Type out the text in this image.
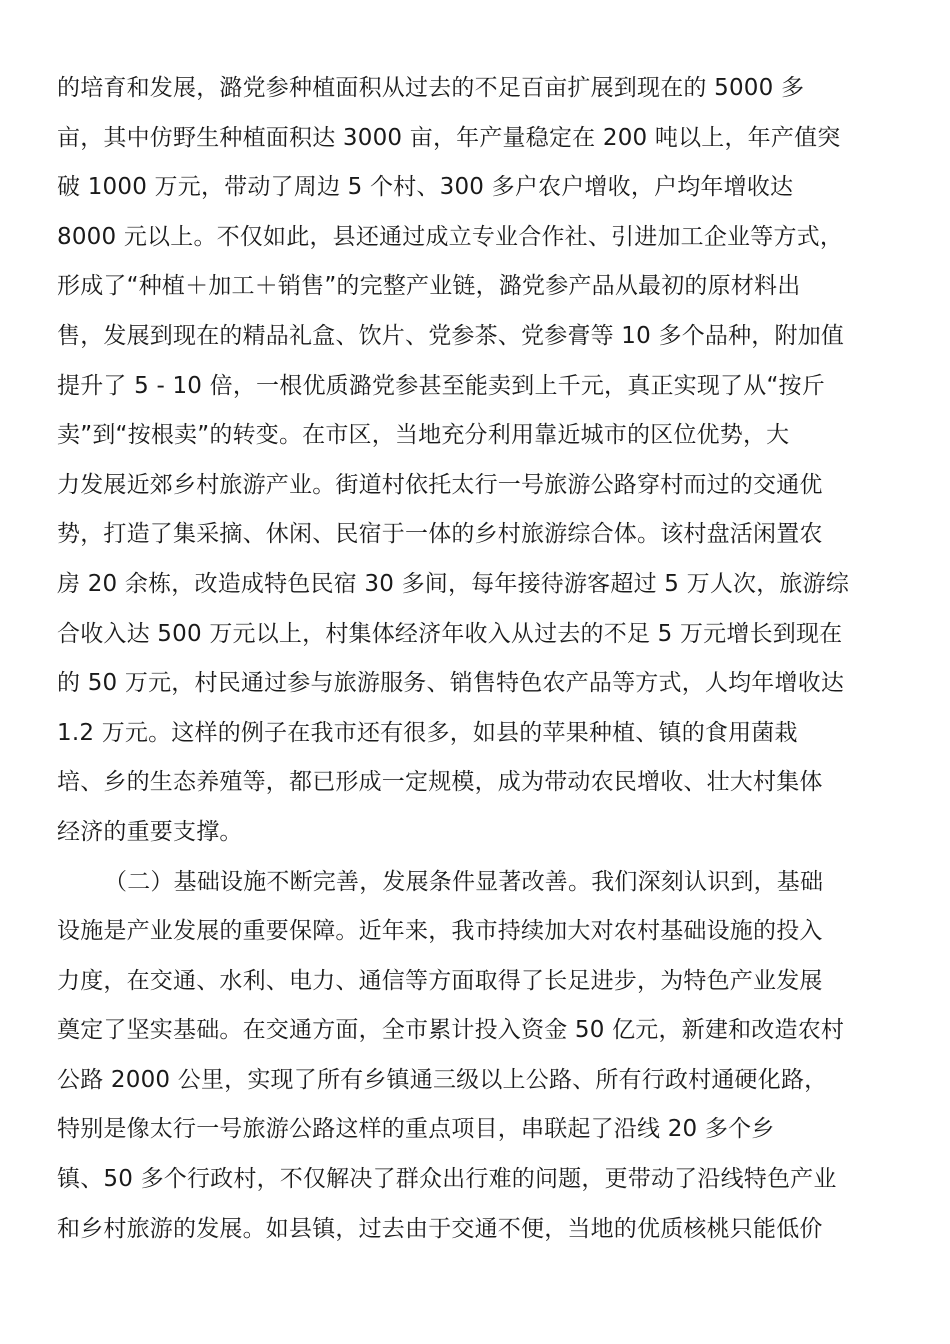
的培育和发展，潞党参种植面积从过去的不足百亩扩展到现在的 5000 多
亩，其中仿野生种植面积达 3000 亩，年产量稳定在 200 吨以上，年产值突
破 1000 万元，带动了周边 5 个村、300 多户农户增收，户均年增收达
8000 元以上。不仅如此，县还通过成立专业合作社、引进加工企业等方式，
形成了“种植＋加工＋销售”的完整产业链，潞党参产品从最初的原材料出
售，发展到现在的精品礼盒、饮片、党参茶、党参膏等 10 多个品种，附加值
提升了 5 - 10 倍，一根优质潞党参甚至能卖到上千元，真正实现了从“按斤
卖”到“按根卖”的转变。在市区，当地充分利用靠近城市的区位优势，大
力发展近郊乡村旅游产业。街道村依托太行一号旅游公路穿村而过的交通优
势，打造了集采摘、休闲、民宿于一体的乡村旅游综合体。该村盘活闲置农
房 20 余栋，改造成特色民宿 30 多间，每年接待游客超过 5 万人次，旅游综
合收入达 500 万元以上，村集体经济年收入从过去的不足 5 万元增长到现在
的 50 万元，村民通过参与旅游服务、销售特色农产品等方式，人均年增收达
1.2 万元。这样的例子在我市还有很多，如县的苹果种植、镇的食用菌栽
培、乡的生态养殖等，都已形成一定规模，成为带动农民增收、壮大村集体
经济的重要支撑。
（二）基础设施不断完善，发展条件显著改善。我们深刻认识到，基础
设施是产业发展的重要保障。近年来，我市持续加大对农村基础设施的投入
力度，在交通、水利、电力、通信等方面取得了长足进步，为特色产业发展
奠定了坚实基础。在交通方面，全市累计投入资金 50 亿元，新建和改造农村
公路 2000 公里，实现了所有乡镇通三级以上公路、所有行政村通硬化路，
特别是像太行一号旅游公路这样的重点项目，串联起了沿线 20 多个乡
镇、50 多个行政村，不仅解决了群众出行难的问题，更带动了沿线特色产业
和乡村旅游的发展。如县镇，过去由于交通不便，当地的优质核桃只能低价
